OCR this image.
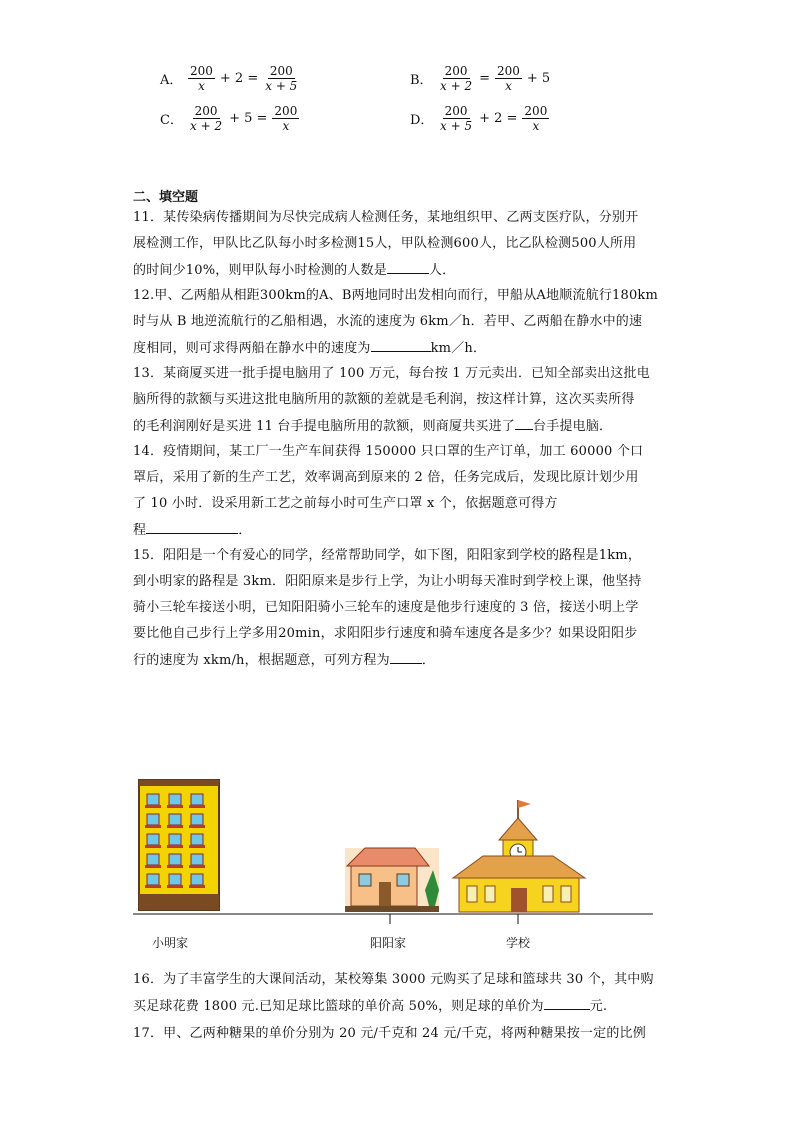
A． $\frac{200}{x} + 2 = \frac{200}{x + 5}$	B． $\frac{200}{x + 2} = \frac{200}{x} + 5$
C． $\frac{200}{x + 2} + 5 = \frac{200}{x}$	D． $\frac{200}{x + 5} + 2 = \frac{200}{x}$
二、填空题
11．某传染病传播期间为尽快完成病人检测任务，某地组织甲、乙两支医疗队，分别开
展检测工作，甲队比乙队每小时多检测15人，甲队检测600人，比乙队检测500人所用
的时间少10%，则甲队每小时检测的人数是	人．
12.甲、乙两船从相距300km的A、B两地同时出发相向而行，甲船从A地顺流航行180km
时与从 B 地逆流航行的乙船相遇，水流的速度为 6km／h．若甲、乙两船在静水中的速
度相同，则可求得两船在静水中的速度为	km／h．
13．某商厦买进一批手提电脑用了 100 万元，每台按 1 万元卖出．已知全部卖出这批电
脑所得的款额与买进这批电脑所用的款额的差就是毛利润，按这样计算，这次买卖所得
的毛利润刚好是买进 11 台手提电脑所用的款额，则商厦共买进了 台手提电脑．
14．疫情期间，某工厂一生产车间获得 150000 只口罩的生产订单，加工 60000 个口
罩后，采用了新的生产工艺，效率调高到原来的 2 倍，任务完成后，发现比原计划少用
了 10 小时．设采用新工艺之前每小时可生产口罩 x 个，依据题意可得方
程	．
15．阳阳是一个有爱心的同学，经常帮助同学，如下图，阳阳家到学校的路程是1km，
到小明家的路程是 3km．阳阳原来是步行上学，为让小明每天准时到学校上课，他坚持
骑小三轮车接送小明，已知阳阳骑小三轮车的速度是他步行速度的 3 倍，接送小明上学
要比他自己步行上学多用20min，求阳阳步行速度和骑车速度各是多少？如果设阳阳步
行的速度为 xkm/h，根据题意，可列方程为 ．
小明家	阳阳家	学校
16．为了丰富学生的大课间活动，某校筹集 3000 元购买了足球和篮球共 30 个，其中购
买足球花费 1800 元.已知足球比篮球的单价高 50%，则足球的单价为	元.
17．甲、乙两种糖果的单价分别为 20 元/千克和 24 元/千克，将两种糖果按一定的比例
